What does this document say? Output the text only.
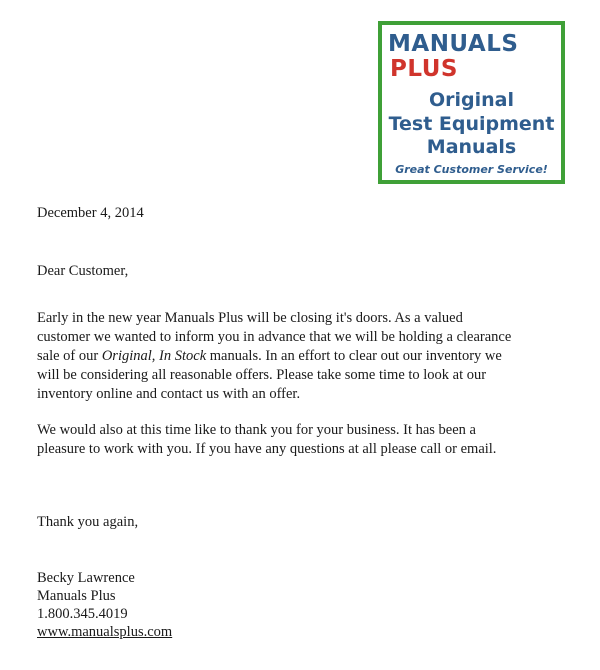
MANUALS
PLUS
Original
Test Equipment
Manuals
Great Customer Service!

December 4, 2014

Dear Customer,

Early in the new year Manuals Plus will be closing it's doors. As a valued
customer we wanted to inform you in advance that we will be holding a clearance
sale of our Original, In Stock manuals. In an effort to clear out our inventory we
will be considering all reasonable offers. Please take some time to look at our
inventory online and contact us with an offer.
We would also at this time like to thank you for your business. It has been a
pleasure to work with you. If you have any questions at all please call or email.

Thank you again,

Becky Lawrence

Manuals Plus

1.800.345.4019

www.manualsplus.com
